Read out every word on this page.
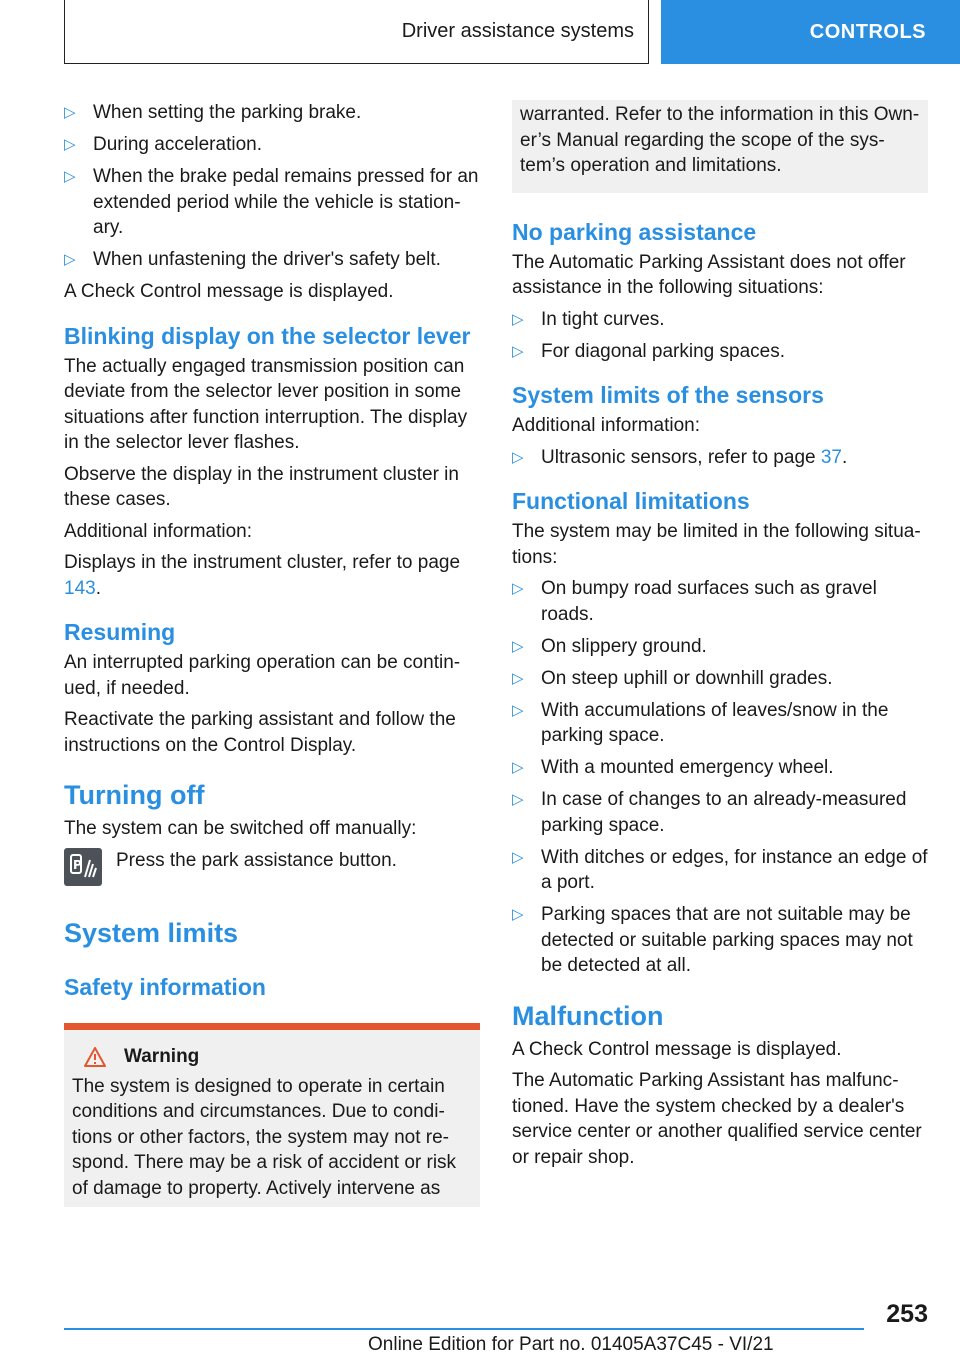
Driver assistance systems	CONTROLS
▷ When setting the parking brake.
▷ During acceleration.
▷ When the brake pedal remains pressed for an extended period while the vehicle is stationary.
▷ When unfastening the driver's safety belt.

A Check Control message is displayed.

Blinking display on the selector lever

The actually engaged transmission position can deviate from the selector lever position in some situations after function interruption. The display in the selector lever flashes.

Observe the display in the instrument cluster in these cases.

Additional information:

Displays in the instrument cluster, refer to page 143.

Resuming

An interrupted parking operation can be continued, if needed.

Reactivate the parking assistant and follow the instructions on the Control Display.

Turning off

The system can be switched off manually:

P Press the park assistance button.

System limits
Safety information
Warning

The system is designed to operate in certain conditions and circumstances. Due to conditions or other factors, the system may not respond. There may be a risk of accident or risk of damage to property. Actively intervene as

warranted. Refer to the information in this Owner’s Manual regarding the scope of the system’s operation and limitations.

No parking assistance

The Automatic Parking Assistant does not offer assistance in the following situations:

▷ In tight curves.
▷ For diagonal parking spaces.
System limits of the sensors

Additional information:

▷ Ultrasonic sensors, refer to page 37.
Functional limitations

The system may be limited in the following situations:

▷ On bumpy road surfaces such as gravel roads.
▷ On slippery ground.
▷ On steep uphill or downhill grades.
▷ With accumulations of leaves/snow in the parking space.
▷ With a mounted emergency wheel.
▷ In case of changes to an already-measured parking space.
▷ With ditches or edges, for instance an edge of a port.
▷ Parking spaces that are not suitable may be detected or suitable parking spaces may not be detected at all.
Malfunction

A Check Control message is displayed.

The Automatic Parking Assistant has malfunctioned. Have the system checked by a dealer's service center or another qualified service center or repair shop.

253
Online Edition for Part no. 01405A37C45 - VI/21
